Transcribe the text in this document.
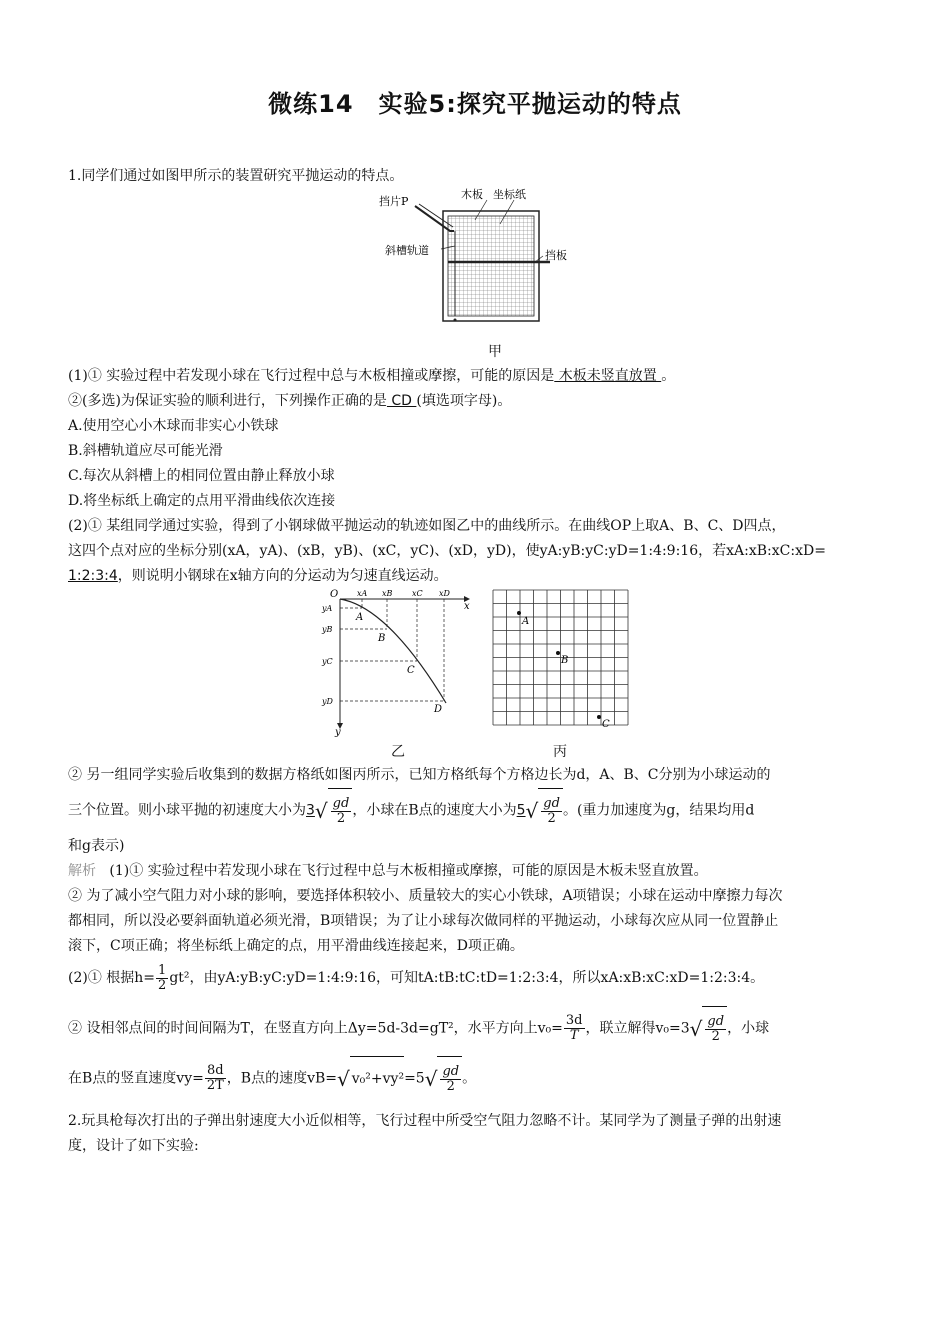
微练14　实验5:探究平抛运动的特点
1.同学们通过如图甲所示的装置研究平抛运动的特点。
挡片P
木板 坐标纸
斜槽轨道	挡板
甲
(1)① 实验过程中若发现小球在飞行过程中总与木板相撞或摩擦，可能的原因是 木板未竖直放置 。
②(多选)为保证实验的顺利进行，下列操作正确的是 CD (填选项字母)。
A.使用空心小木球而非实心小铁球
B.斜槽轨道应尽可能光滑
C.每次从斜槽上的相同位置由静止释放小球
D.将坐标纸上确定的点用平滑曲线依次连接
(2)① 某组同学通过实验，得到了小钢球做平抛运动的轨迹如图乙中的曲线所示。在曲线OP上取A、B、C、D四点，
这四个点对应的坐标分别(xA，yA)、(xB，yB)、(xC，yC)、(xD，yD)，使yA:yB:yC:yD=1:4:9:16，若xA:xB:xC:xD=
1:2:3:4，则说明小钢球在x轴方向的分运动为匀速直线运动。
O
x
y
xA xB xC xD
yA
yB
yC
yD
A
B
C
D
乙
A
B
C
丙
② 另一组同学实验后收集到的数据方格纸如图丙所示，已知方格纸每个方格边长为d，A、B、C分别为小球运动的
三个位置。则小球平抛的初速度大小为$3√ \frac{gd}{2}$ ，小球在B点的速度大小为$5√ \frac{gd}{2}$ 。(重力加速度为g，结果均用d
和g表示)
解析 (1)① 实验过程中若发现小球在飞行过程中总与木板相撞或摩擦，可能的原因是木板未竖直放置。
② 为了减小空气阻力对小球的影响，要选择体积较小、质量较大的实心小铁球，A项错误；小球在运动中摩擦力每次
都相同，所以没必要斜面轨道必须光滑，B项错误；为了让小球每次做同样的平抛运动，小球每次应从同一位置静止
滚下，C项正确；将坐标纸上确定的点，用平滑曲线连接起来，D项正确。
(2)① 根据$h= \frac{1}{2} gt^2$，由yA:yB:yC:yD=1:4:9:16，可知tA:tB:tC:tD=1:2:3:4，所以xA:xB:xC:xD=1:2:3:4。
② 设相邻点间的时间间隔为T，在竖直方向上Δy=5d-3d=gT²，水平方向上$v_0= \frac{3d}{T}$ ，联立解得$v_0=3√ \frac{gd}{2}$ ，小球
在B点的竖直速度$vy= \frac{8d}{2T}$ ，B点的速度vB=√ $v_0^2+vy^2=5√ \frac{gd}{2}$ 。
2.玩具枪每次打出的子弹出射速度大小近似相等，飞行过程中所受空气阻力忽略不计。某同学为了测量子弹的出射速
度，设计了如下实验:
